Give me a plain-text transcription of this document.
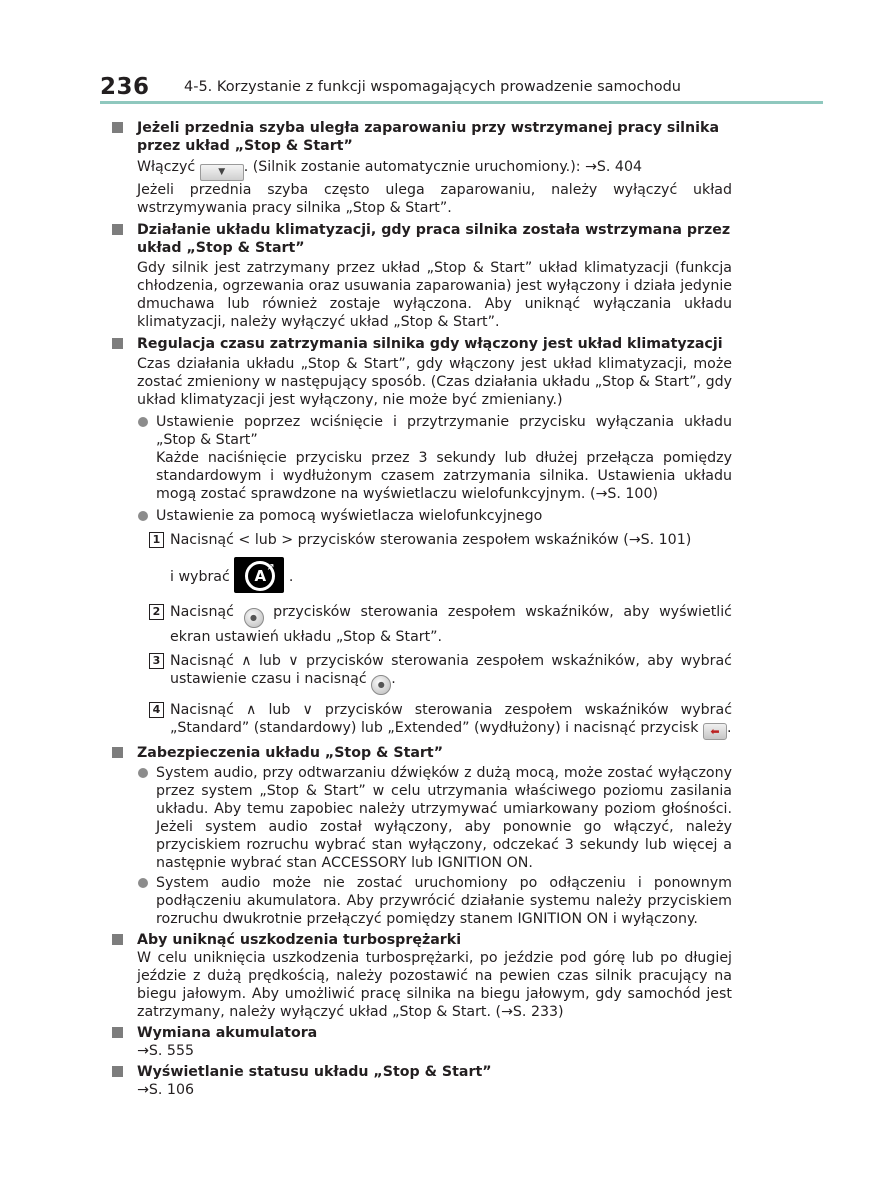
236 4-5. Korzystanie z funkcji wspomagających prowadzenie samochodu
Jeżeli przednia szyba uległa zaparowaniu przy wstrzymanej pracy silnika przez układ „Stop & Start”
Włączyć	▼ . (Silnik zostanie automatycznie uruchomiony.): →S. 404
Jeżeli przednia szyba często ulega zaparowaniu, należy wyłączyć układ wstrzymywania pracy silnika „Stop & Start”.
Działanie układu klimatyzacji, gdy praca silnika została wstrzymana przez układ „Stop & Start”
Gdy silnik jest zatrzymany przez układ „Stop & Start” układ klimatyzacji (funkcja chłodzenia, ogrzewania oraz usuwania zaparowania) jest wyłączony i działa jedynie dmuchawa lub również zostaje wyłączona. Aby uniknąć wyłączania układu klimatyzacji, należy wyłączyć układ „Stop & Start”.
Regulacja czasu zatrzymania silnika gdy włączony jest układ klimatyzacji
Czas działania układu „Stop & Start”, gdy włączony jest układ klimatyzacji, może zostać zmieniony w następujący sposób. (Czas działania układu „Stop & Start”, gdy układ klimatyzacji jest wyłączony, nie może być zmieniany.)
Ustawienie poprzez wciśnięcie i przytrzymanie przycisku wyłączania układu „Stop & Start”
Każde naciśnięcie przycisku przez 3 sekundy lub dłużej przełącza pomiędzy standardowym i wydłużonym czasem zatrzymania silnika. Ustawienia układu mogą zostać sprawdzone na wyświetlaczu wielofunkcyjnym. (→S. 100)
Ustawienie za pomocą wyświetlacza wielofunkcyjnego
1 Nacisnąć < lub > przycisków sterowania zespołem wskaźników (→S. 101)
i wybrać	A ↗
.
2 Nacisnąć ● przycisków sterowania zespołem wskaźników, aby wyświetlić ekran ustawień układu „Stop & Start”.
3 Nacisnąć ∧ lub ∨ przycisków sterowania zespołem wskaźników, aby wybrać ustawienie czasu i nacisnąć ● .
4 Nacisnąć ∧ lub ∨ przycisków sterowania zespołem wskaźników wybrać „Standard” (standardowy) lub „Extended” (wydłużony) i nacisnąć przycisk ⬅ .
Zabezpieczenia układu „Stop & Start”
System audio, przy odtwarzaniu dźwięków z dużą mocą, może zostać wyłączony przez system „Stop & Start” w celu utrzymania właściwego poziomu zasilania układu. Aby temu zapobiec należy utrzymywać umiarkowany poziom głośności. Jeżeli system audio został wyłączony, aby ponownie go włączyć, należy przyciskiem rozruchu wybrać stan wyłączony, odczekać 3 sekundy lub więcej a następnie wybrać stan ACCESSORY lub IGNITION ON.
System audio może nie zostać uruchomiony po odłączeniu i ponownym podłączeniu akumulatora. Aby przywrócić działanie systemu należy przyciskiem rozruchu dwukrotnie przełączyć pomiędzy stanem IGNITION ON i wyłączony.
Aby uniknąć uszkodzenia turbosprężarki
W celu uniknięcia uszkodzenia turbosprężarki, po jeździe pod górę lub po długiej jeździe z dużą prędkością, należy pozostawić na pewien czas silnik pracujący na biegu jałowym. Aby umożliwić pracę silnika na biegu jałowym, gdy samochód jest zatrzymany, należy wyłączyć układ „Stop & Start. (→S. 233)
Wymiana akumulatora
→S. 555
Wyświetlanie statusu układu „Stop & Start”
→S. 106
